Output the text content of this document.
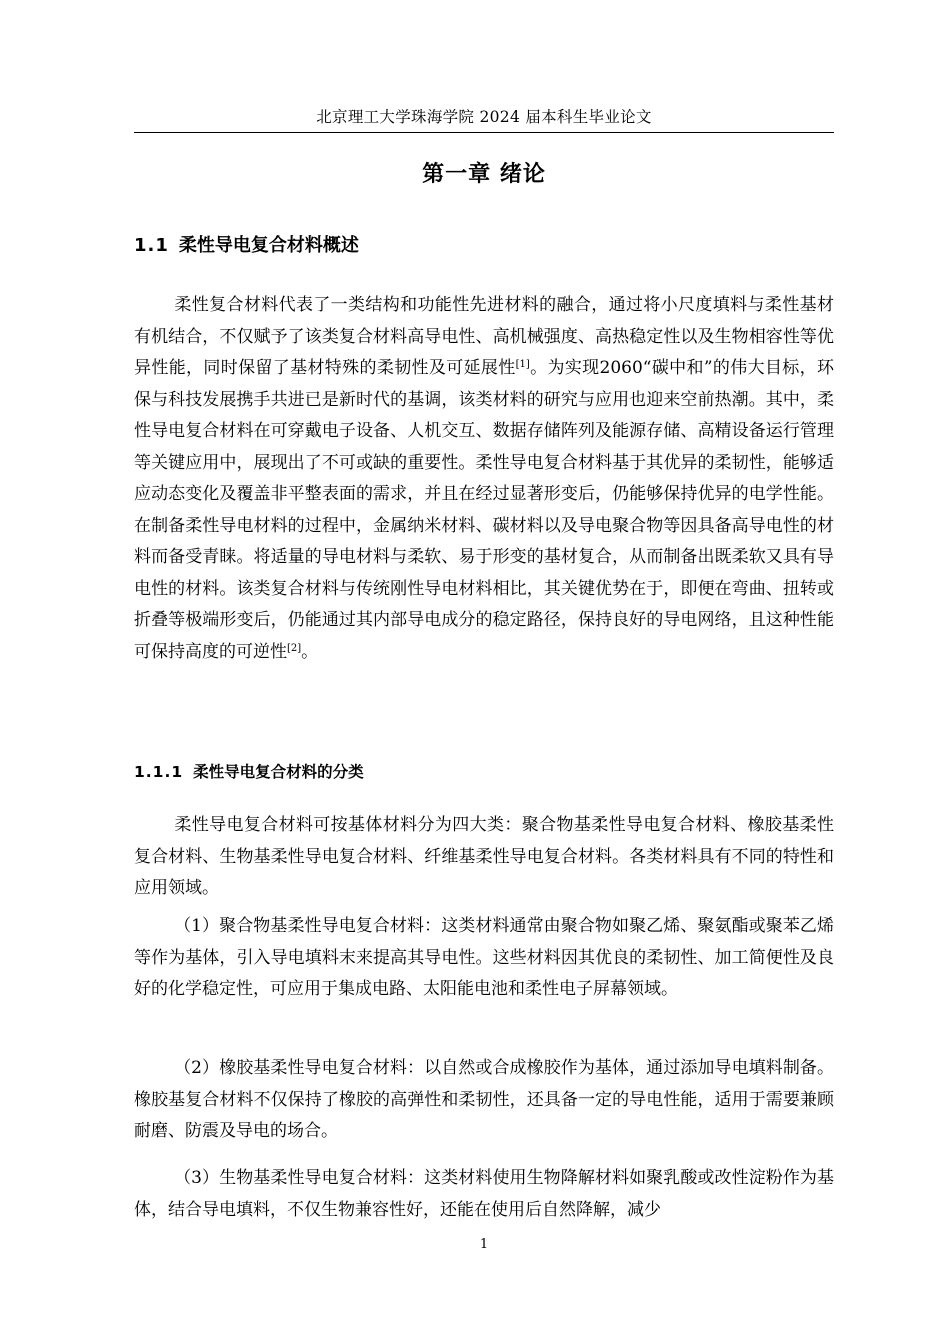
北京理工大学珠海学院 2024 届本科生毕业论文
第一章 绪论
1.1 柔性导电复合材料概述

柔性复合材料代表了一类结构和功能性先进材料的融合，通过将小尺度填料与柔性基材有机结合，不仅赋予了该类复合材料高导电性、高机械强度、高热稳定性以及生物相容性等优异性能，同时保留了基材特殊的柔韧性及可延展性[1]。为实现2060“碳中和”的伟大目标，环保与科技发展携手共进已是新时代的基调，该类材料的研究与应用也迎来空前热潮。其中，柔性导电复合材料在可穿戴电子设备、人机交互、数据存储阵列及能源存储、高精设备运行管理等关键应用中，展现出了不可或缺的重要性。柔性导电复合材料基于其优异的柔韧性，能够适应动态变化及覆盖非平整表面的需求，并且在经过显著形变后，仍能够保持优异的电学性能。在制备柔性导电材料的过程中，金属纳米材料、碳材料以及导电聚合物等因具备高导电性的材料而备受青睐。将适量的导电材料与柔软、易于形变的基材复合，从而制备出既柔软又具有导电性的材料。该类复合材料与传统刚性导电材料相比，其关键优势在于，即便在弯曲、扭转或折叠等极端形变后，仍能通过其内部导电成分的稳定路径，保持良好的导电网络，且这种性能可保持高度的可逆性[2]。

1.1.1 柔性导电复合材料的分类

柔性导电复合材料可按基体材料分为四大类：聚合物基柔性导电复合材料、橡胶基柔性复合材料、生物基柔性导电复合材料、纤维基柔性导电复合材料。各类材料具有不同的特性和应用领域。

（1）聚合物基柔性导电复合材料：这类材料通常由聚合物如聚乙烯、聚氨酯或聚苯乙烯等作为基体，引入导电填料末来提高其导电性。这些材料因其优良的柔韧性、加工简便性及良好的化学稳定性，可应用于集成电路、太阳能电池和柔性电子屏幕领域。

（2）橡胶基柔性导电复合材料：以自然或合成橡胶作为基体，通过添加导电填料制备。橡胶基复合材料不仅保持了橡胶的高弹性和柔韧性，还具备一定的导电性能，适用于需要兼顾耐磨、防震及导电的场合。

（3）生物基柔性导电复合材料：这类材料使用生物降解材料如聚乳酸或改性淀粉作为基体，结合导电填料，不仅生物兼容性好，还能在使用后自然降解，减少

1
